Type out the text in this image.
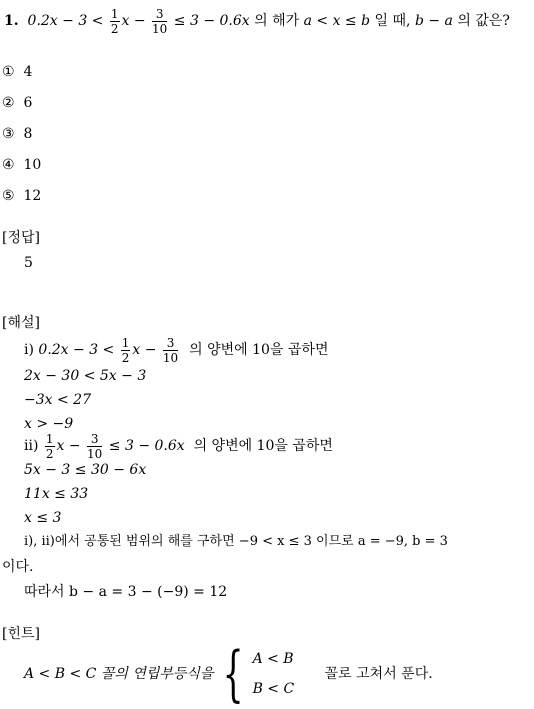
1. $0.2x - 3 < \frac{1}{2}$ $x - \frac{3}{10} \le 3 - 0.6x$ 의 해가 a < x ≤ b 일 때, b − a 의 값은?
① 4
② 6
③ 8
④ 10
⑤ 12
[정답]
5
[해설]
ⅰ) $0.2x - 3 < \frac{1}{2}$ $x - \frac{3}{10}$ 의 양변에 10을 곱하면
2x − 30 < 5x − 3
−3x < 27
x > −9
ⅱ) $\frac{1}{2}$ $x - \frac{3}{10} \le 3 - 0.6x$ 의 양변에 10을 곱하면
5x − 3 ≤ 30 − 6x
11x ≤ 33
x ≤ 3
ⅰ), ⅱ)에서 공통된 범위의 해를 구하면 −9 < x ≤ 3 이므로 a = −9, b = 3
이다.
따라서 b − a = 3 − (−9) = 12
[힌트]
A < B < C 꼴의 연립부등식을 { A < B
B < C
꼴로 고쳐서 푼다.
